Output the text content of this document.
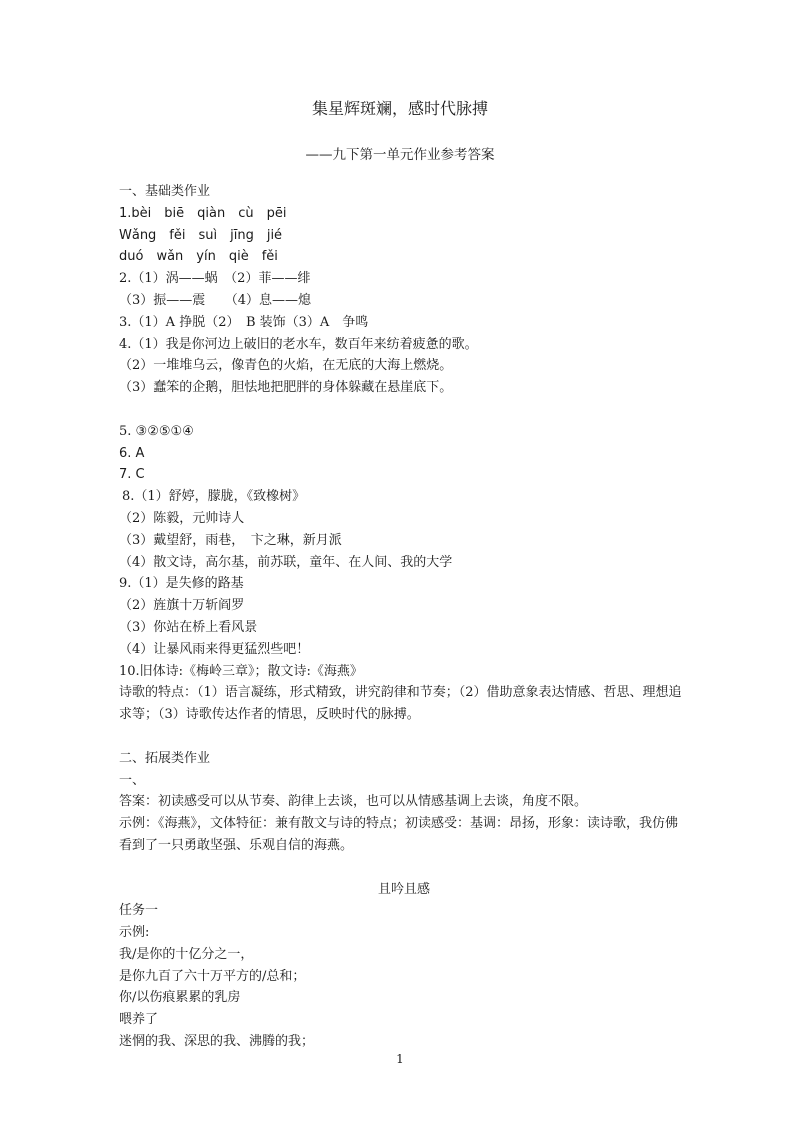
集星辉斑斓，感时代脉搏
——九下第一单元作业参考答案
一、基础类作业
1.bèi　biē　qiàn　cù　pēi
Wǎng　fěi　suì　jīng　jié
duó　wǎn　yín　qiè　fěi
2.（1）涡——蜗　（2）菲——绯
（3）振——震　　（4）息——熄
3.（1）A 挣脱（2）　B 装饰（3）A　争鸣
4.（1）我是你河边上破旧的老水车，数百年来纺着疲惫的歌。
（2）一堆堆乌云，像青色的火焰，在无底的大海上燃烧。
（3）蠢笨的企鹅，胆怯地把肥胖的身体躲藏在悬崖底下。
5. ③②⑤①④
6. A
7. C
8.（1）舒婷，朦胧，《致橡树》
（2）陈毅，元帅诗人
（3）戴望舒，雨巷，　卞之琳，新月派
（4）散文诗，高尔基，前苏联，童年、在人间、我的大学
9.（1）是失修的路基
（2）旌旗十万斩阎罗
（3）你站在桥上看风景
（4）让暴风雨来得更猛烈些吧！
10.旧体诗:《梅岭三章》；散文诗:《海燕》
诗歌的特点：（1）语言凝练，形式精致，讲究韵律和节奏；（2）借助意象表达情感、哲思、理想追求等；（3）诗歌传达作者的情思，反映时代的脉搏。
二、拓展类作业
一、
答案：初读感受可以从节奏、韵律上去谈，也可以从情感基调上去谈，角度不限。
示例：《海燕》，文体特征：兼有散文与诗的特点；初读感受：基调：昂扬，形象：读诗歌，我仿佛看到了一只勇敢坚强、乐观自信的海燕。
且吟且感
任务一
示例:
我/是你的十亿分之一，
是你九百了六十万平方的/总和；
你/以伤痕累累的乳房
喂养了
迷惘的我、深思的我、沸腾的我；
1
